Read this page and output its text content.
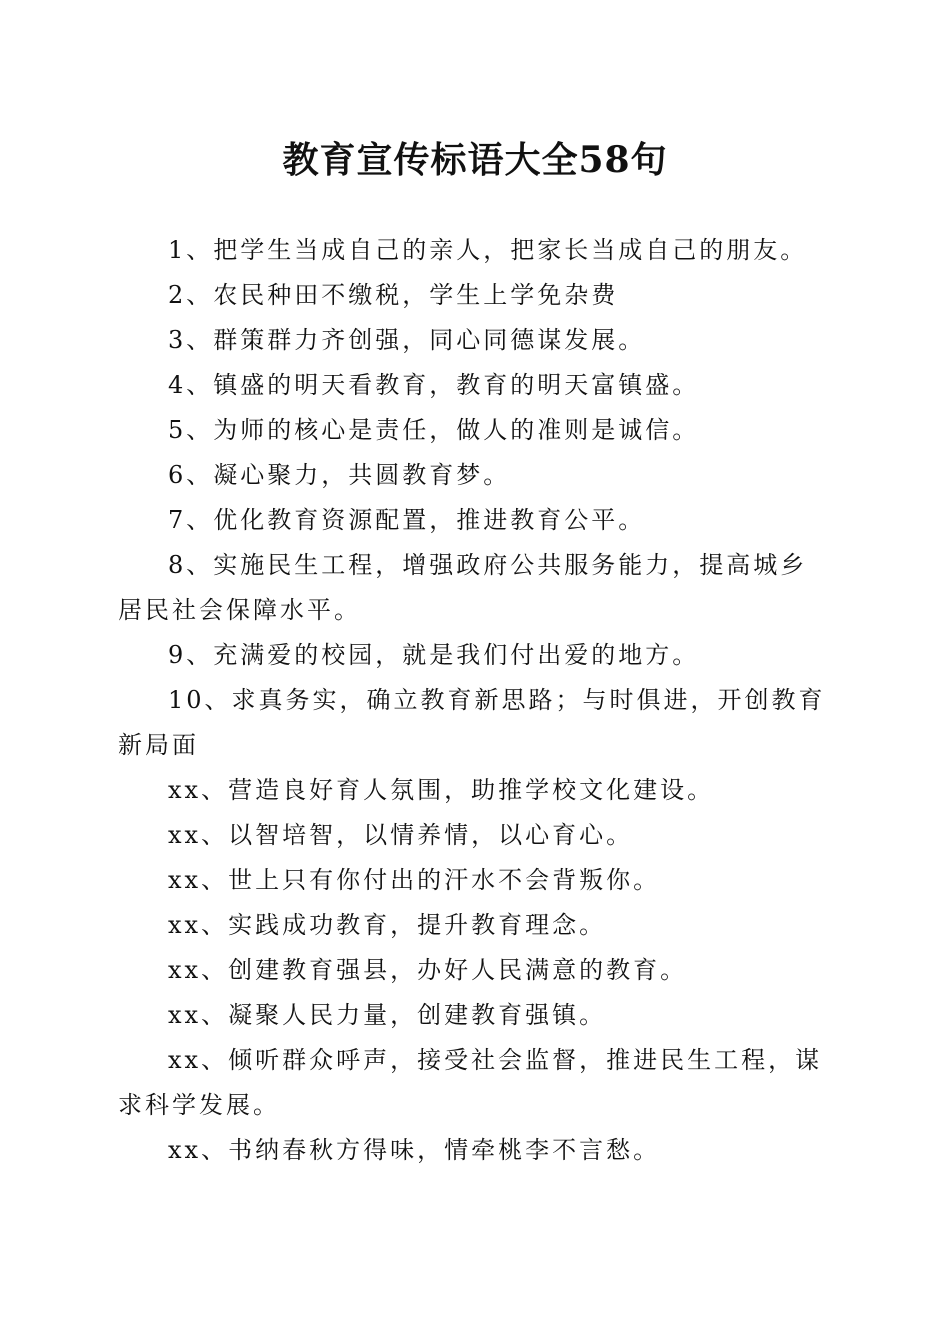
教育宣传标语大全58句

1、把学生当成自己的亲人，把家长当成自己的朋友。

2、农民种田不缴税，学生上学免杂费

3、群策群力齐创强，同心同德谋发展。

4、镇盛的明天看教育，教育的明天富镇盛。

5、为师的核心是责任，做人的准则是诚信。

6、凝心聚力，共圆教育梦。

7、优化教育资源配置，推进教育公平。

8、实施民生工程，增强政府公共服务能力，提高城乡居民社会保障水平。

9、充满爱的校园，就是我们付出爱的地方。

10、求真务实，确立教育新思路；与时俱进，开创教育新局面

xx、营造良好育人氛围，助推学校文化建设。

xx、以智培智，以情养情，以心育心。

xx、世上只有你付出的汗水不会背叛你。

xx、实践成功教育，提升教育理念。

xx、创建教育强县，办好人民满意的教育。

xx、凝聚人民力量，创建教育强镇。

xx、倾听群众呼声，接受社会监督，推进民生工程，谋求科学发展。

xx、书纳春秋方得味，情牵桃李不言愁。
